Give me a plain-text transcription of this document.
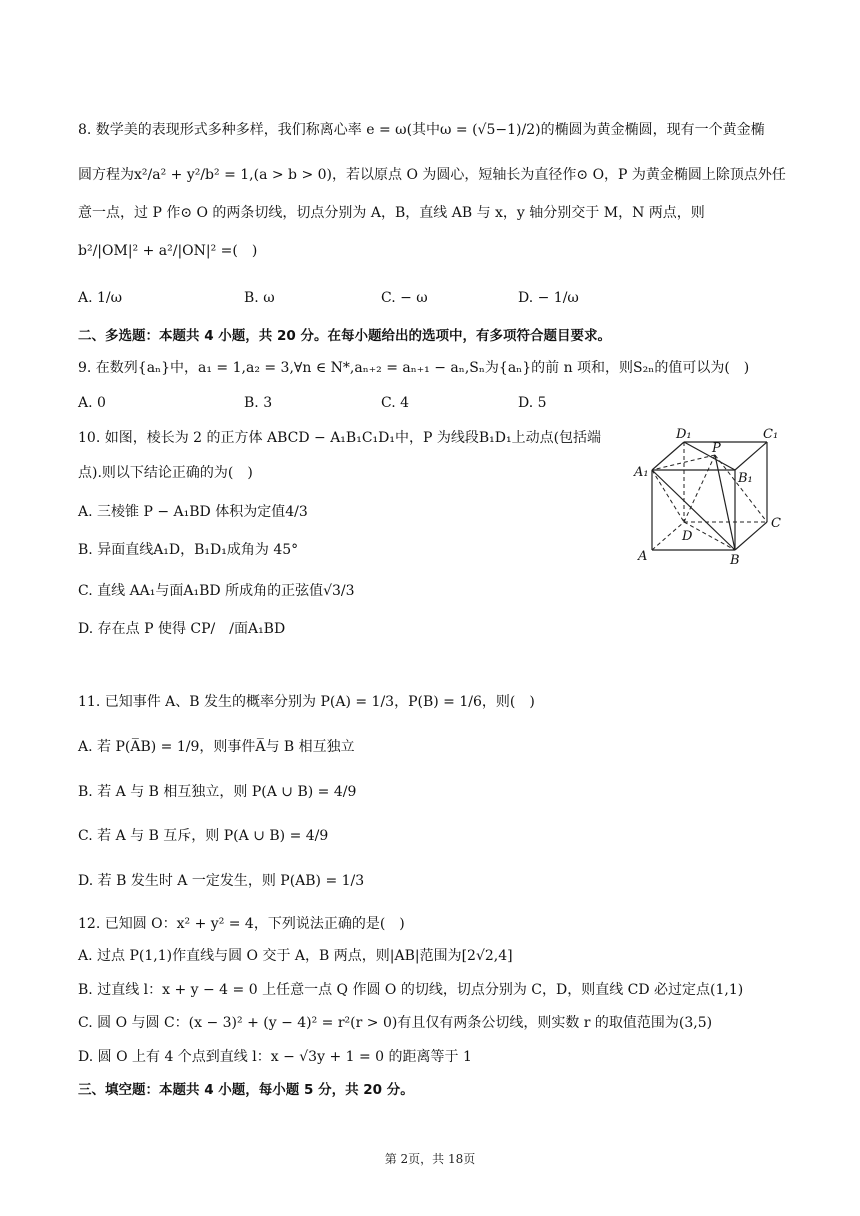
8. 数学美的表现形式多种多样，我们称离心率 e = ω(其中ω = (√5−1)/2)的椭圆为黄金椭圆，现有一个黄金椭
圆方程为x²/a² + y²/b² = 1,(a > b > 0)，若以原点 O 为圆心，短轴长为直径作⊙ O，P 为黄金椭圆上除顶点外任
意一点，过 P 作⊙ O 的两条切线，切点分别为 A，B，直线 AB 与 x，y 轴分别交于 M，N 两点，则
b²/|OM|² + a²/|ON|² =(　)
A. 1/ω	B. ω	C. − ω	D. − 1/ω
二、多选题：本题共 4 小题，共 20 分。在每小题给出的选项中，有多项符合题目要求。
9. 在数列{aₙ}中，a₁ = 1,a₂ = 3,∀n ∈ N*,aₙ₊₂ = aₙ₊₁ − aₙ,Sₙ为{aₙ}的前 n 项和，则S₂ₙ的值可以为(　)
A. 0	B. 3	C. 4	D. 5
10. 如图，棱长为 2 的正方体 ABCD − A₁B₁C₁D₁中，P 为线段B₁D₁上动点(包括端
点).则以下结论正确的为(　)
A. 三棱锥 P − A₁BD 体积为定值4/3
B. 异面直线A₁D，B₁D₁成角为 45°
C. 直线 AA₁与面A₁BD 所成角的正弦值√3/3
D. 存在点 P 使得 CP/　/面A₁BD
A	B
C
D
A₁	B₁
C₁
D₁
P
11. 已知事件 A、B 发生的概率分别为 P(A) = 1/3，P(B) = 1/6，则(　)
A. 若 P(A̅B) = 1/9，则事件A̅与 B 相互独立
B. 若 A 与 B 相互独立，则 P(A ∪ B) = 4/9
C. 若 A 与 B 互斥，则 P(A ∪ B) = 4/9
D. 若 B 发生时 A 一定发生，则 P(AB) = 1/3
12. 已知圆 O：x² + y² = 4，下列说法正确的是(　)
A. 过点 P(1,1)作直线与圆 O 交于 A，B 两点，则|AB|范围为[2√2,4]
B. 过直线 l：x + y − 4 = 0 上任意一点 Q 作圆 O 的切线，切点分别为 C，D，则直线 CD 必过定点(1,1)
C. 圆 O 与圆 C：(x − 3)² + (y − 4)² = r²(r > 0)有且仅有两条公切线，则实数 r 的取值范围为(3,5)
D. 圆 O 上有 4 个点到直线 l：x − √3y + 1 = 0 的距离等于 1
三、填空题：本题共 4 小题，每小题 5 分，共 20 分。
第 2页，共 18页
